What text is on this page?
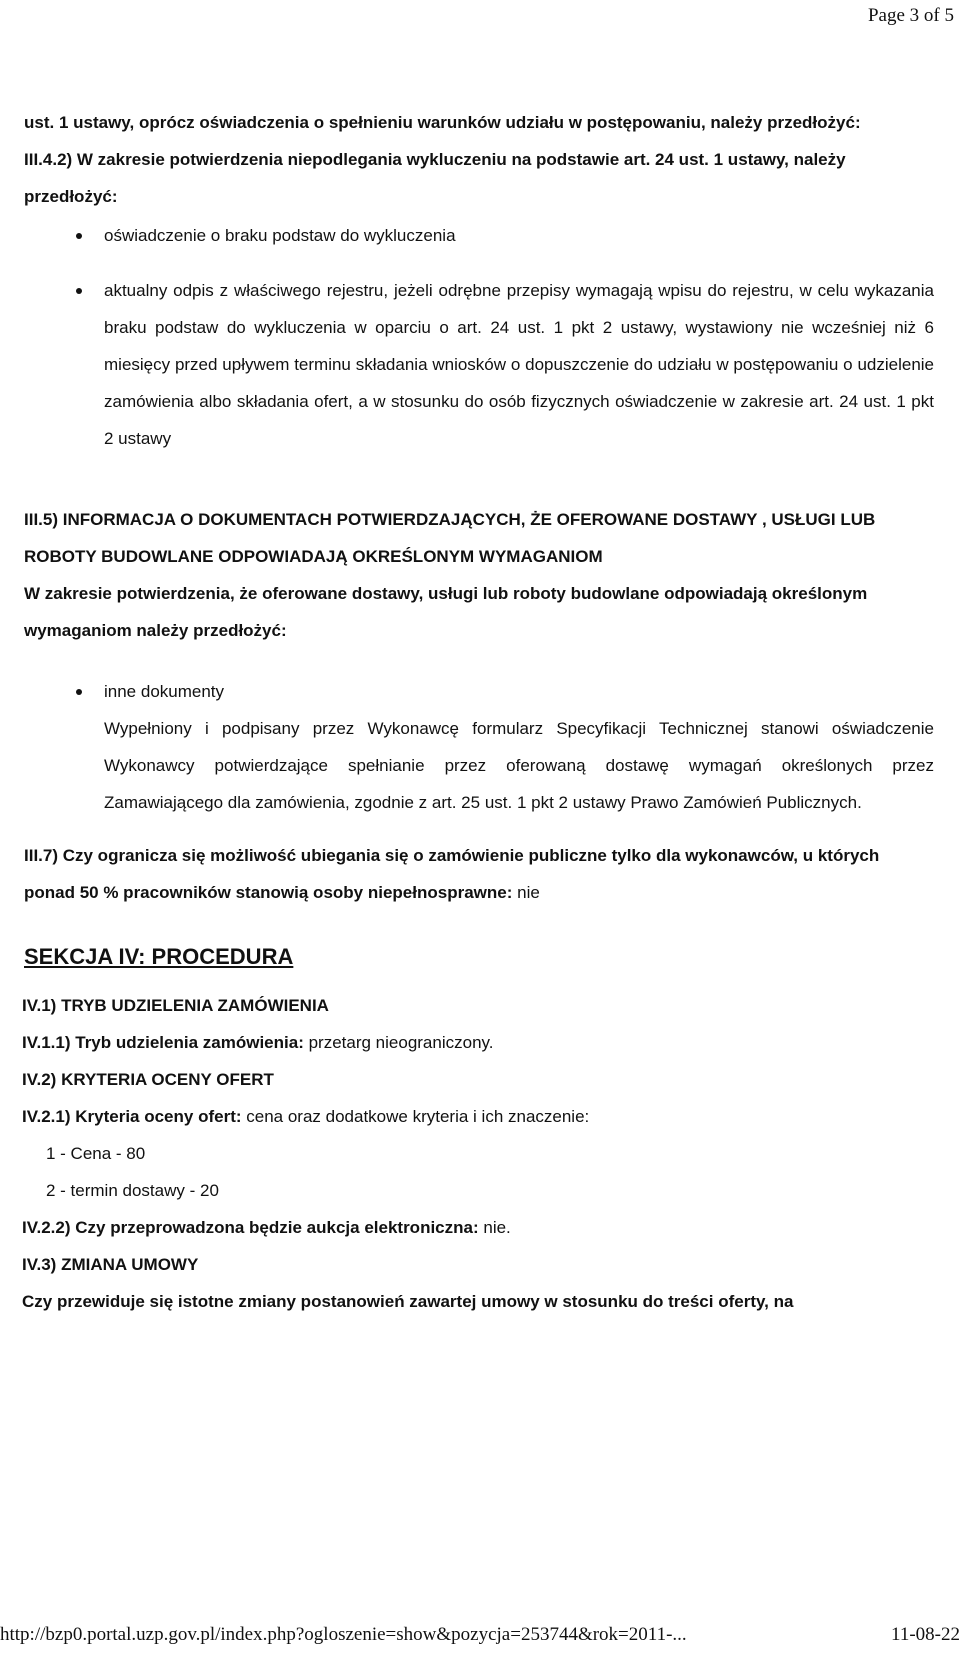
Page 3 of 5

ust. 1 ustawy, oprócz oświadczenia o spełnieniu warunków udziału w postępowaniu, należy przedłożyć:

III.4.2) W zakresie potwierdzenia niepodlegania wykluczeniu na podstawie art. 24 ust. 1 ustawy, należy przedłożyć:

oświadczenie o braku podstaw do wykluczenia
aktualny odpis z właściwego rejestru, jeżeli odrębne przepisy wymagają wpisu do rejestru, w celu wykazania braku podstaw do wykluczenia w oparciu o art. 24 ust. 1 pkt 2 ustawy, wystawiony nie wcześniej niż 6 miesięcy przed upływem terminu składania wniosków o dopuszczenie do udziału w postępowaniu o udzielenie zamówienia albo składania ofert, a w stosunku do osób fizycznych oświadczenie w zakresie art. 24 ust. 1 pkt 2 ustawy

III.5) INFORMACJA O DOKUMENTACH POTWIERDZAJĄCYCH, ŻE OFEROWANE DOSTAWY , USŁUGI LUB ROBOTY BUDOWLANE ODPOWIADAJĄ OKREŚLONYM WYMAGANIOM

W zakresie potwierdzenia, że oferowane dostawy, usługi lub roboty budowlane odpowiadają określonym wymaganiom należy przedłożyć:

inne dokumenty

Wypełniony i podpisany przez Wykonawcę formularz Specyfikacji Technicznej stanowi oświadczenie Wykonawcy potwierdzające spełnianie przez oferowaną dostawę wymagań określonych przez Zamawiającego dla zamówienia, zgodnie z art. 25 ust. 1 pkt 2 ustawy Prawo Zamówień Publicznych.

III.7) Czy ogranicza się możliwość ubiegania się o zamówienie publiczne tylko dla wykonawców, u których ponad 50 % pracowników stanowią osoby niepełnosprawne: nie

SEKCJA IV: PROCEDURA

IV.1) TRYB UDZIELENIA ZAMÓWIENIA

IV.1.1) Tryb udzielenia zamówienia: przetarg nieograniczony.

IV.2) KRYTERIA OCENY OFERT

IV.2.1) Kryteria oceny ofert: cena oraz dodatkowe kryteria i ich znaczenie:

1 - Cena - 80

2 - termin dostawy - 20

IV.2.2) Czy przeprowadzona będzie aukcja elektroniczna: nie.

IV.3) ZMIANA UMOWY

Czy przewiduje się istotne zmiany postanowień zawartej umowy w stosunku do treści oferty, na

http://bzp0.portal.uzp.gov.pl/index.php?ogloszenie=show&pozycja=253744&rok=2011-...	11-08-22
